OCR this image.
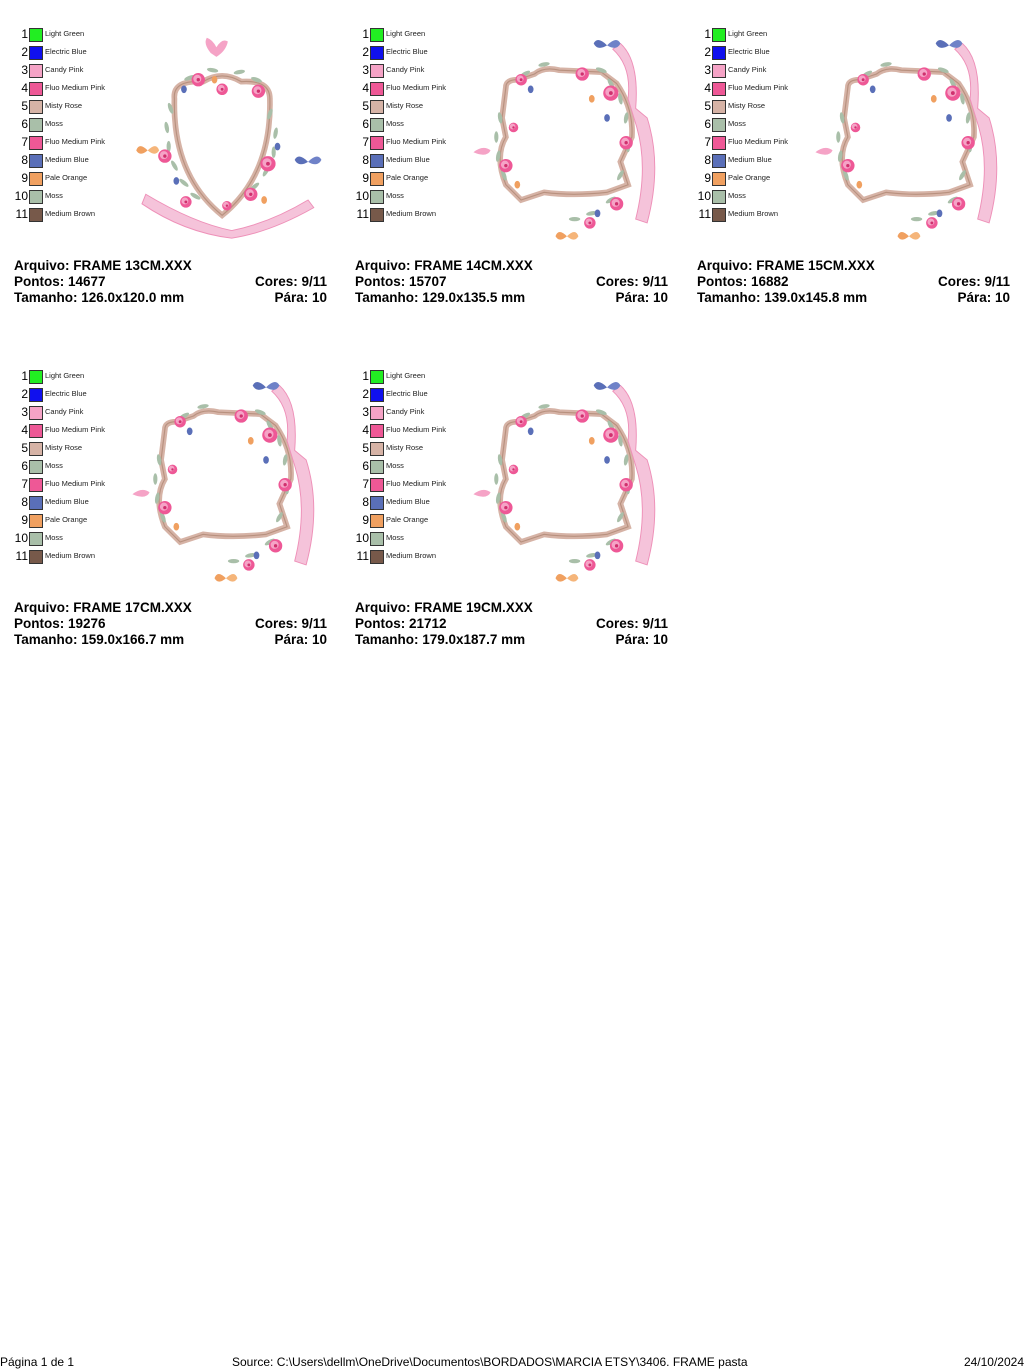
1 Light Green
2 Electric Blue
3 Candy Pink
4 Fluo Medium Pink
5 Misty Rose
6 Moss
7 Fluo Medium Pink
8 Medium Blue
9 Pale Orange
10 Moss
11 Medium Brown
Arquivo: FRAME 13CM.XXX
Pontos: 14677	Cores: 9/11
Tamanho: 126.0x120.0 mm	Pára: 10
1 Light Green
2 Electric Blue
3 Candy Pink
4 Fluo Medium Pink
5 Misty Rose
6 Moss
7 Fluo Medium Pink
8 Medium Blue
9 Pale Orange
10 Moss
11 Medium Brown
Arquivo: FRAME 14CM.XXX
Pontos: 15707	Cores: 9/11
Tamanho: 129.0x135.5 mm	Pára: 10
1 Light Green
2 Electric Blue
3 Candy Pink
4 Fluo Medium Pink
5 Misty Rose
6 Moss
7 Fluo Medium Pink
8 Medium Blue
9 Pale Orange
10 Moss
11 Medium Brown
Arquivo: FRAME 15CM.XXX
Pontos: 16882	Cores: 9/11
Tamanho: 139.0x145.8 mm	Pára: 10
1 Light Green
2 Electric Blue
3 Candy Pink
4 Fluo Medium Pink
5 Misty Rose
6 Moss
7 Fluo Medium Pink
8 Medium Blue
9 Pale Orange
10 Moss
11 Medium Brown
Arquivo: FRAME 17CM.XXX
Pontos: 19276	Cores: 9/11
Tamanho: 159.0x166.7 mm	Pára: 10
1 Light Green
2 Electric Blue
3 Candy Pink
4 Fluo Medium Pink
5 Misty Rose
6 Moss
7 Fluo Medium Pink
8 Medium Blue
9 Pale Orange
10 Moss
11 Medium Brown
Arquivo: FRAME 19CM.XXX
Pontos: 21712	Cores: 9/11
Tamanho: 179.0x187.7 mm	Pára: 10
Página 1 de 1	Source: C:\Users\dellm\OneDrive\Documentos\BORDADOS\MARCIA ETSY\3406. FRAME pasta	24/10/2024
